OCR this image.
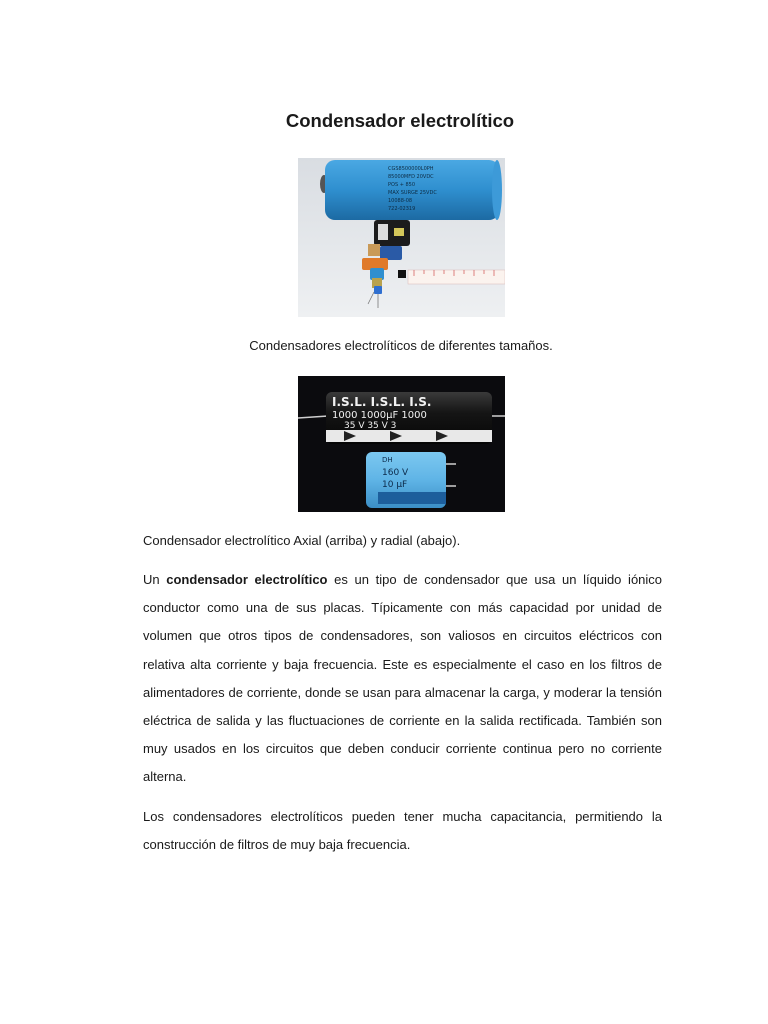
Condensador electrolítico
CGS8500000L0PH
85000MFD 20VDC
POS + 850
MAX SURGE 25VDC
10088-08
722-02319
Condensadores electrolíticos de diferentes tamaños.
I.S.L. I.S.L. I.S.
1000 1000µF 1000
35 V 35 V 3
DH
160 V
10 µF
Condensador electrolítico Axial (arriba) y radial (abajo).
Un condensador electrolítico es un tipo de condensador que usa un líquido iónico conductor como una de sus placas. Típicamente con más capacidad por unidad de volumen que otros tipos de condensadores, son valiosos en circuitos eléctricos con relativa alta corriente y baja frecuencia. Este es especialmente el caso en los filtros de alimentadores de corriente, donde se usan para almacenar la carga, y moderar la tensión eléctrica de salida y las fluctuaciones de corriente en la salida rectificada. También son muy usados en los circuitos que deben conducir corriente continua pero no corriente alterna.
Los condensadores electrolíticos pueden tener mucha capacitancia, permitiendo la construcción de filtros de muy baja frecuencia.
